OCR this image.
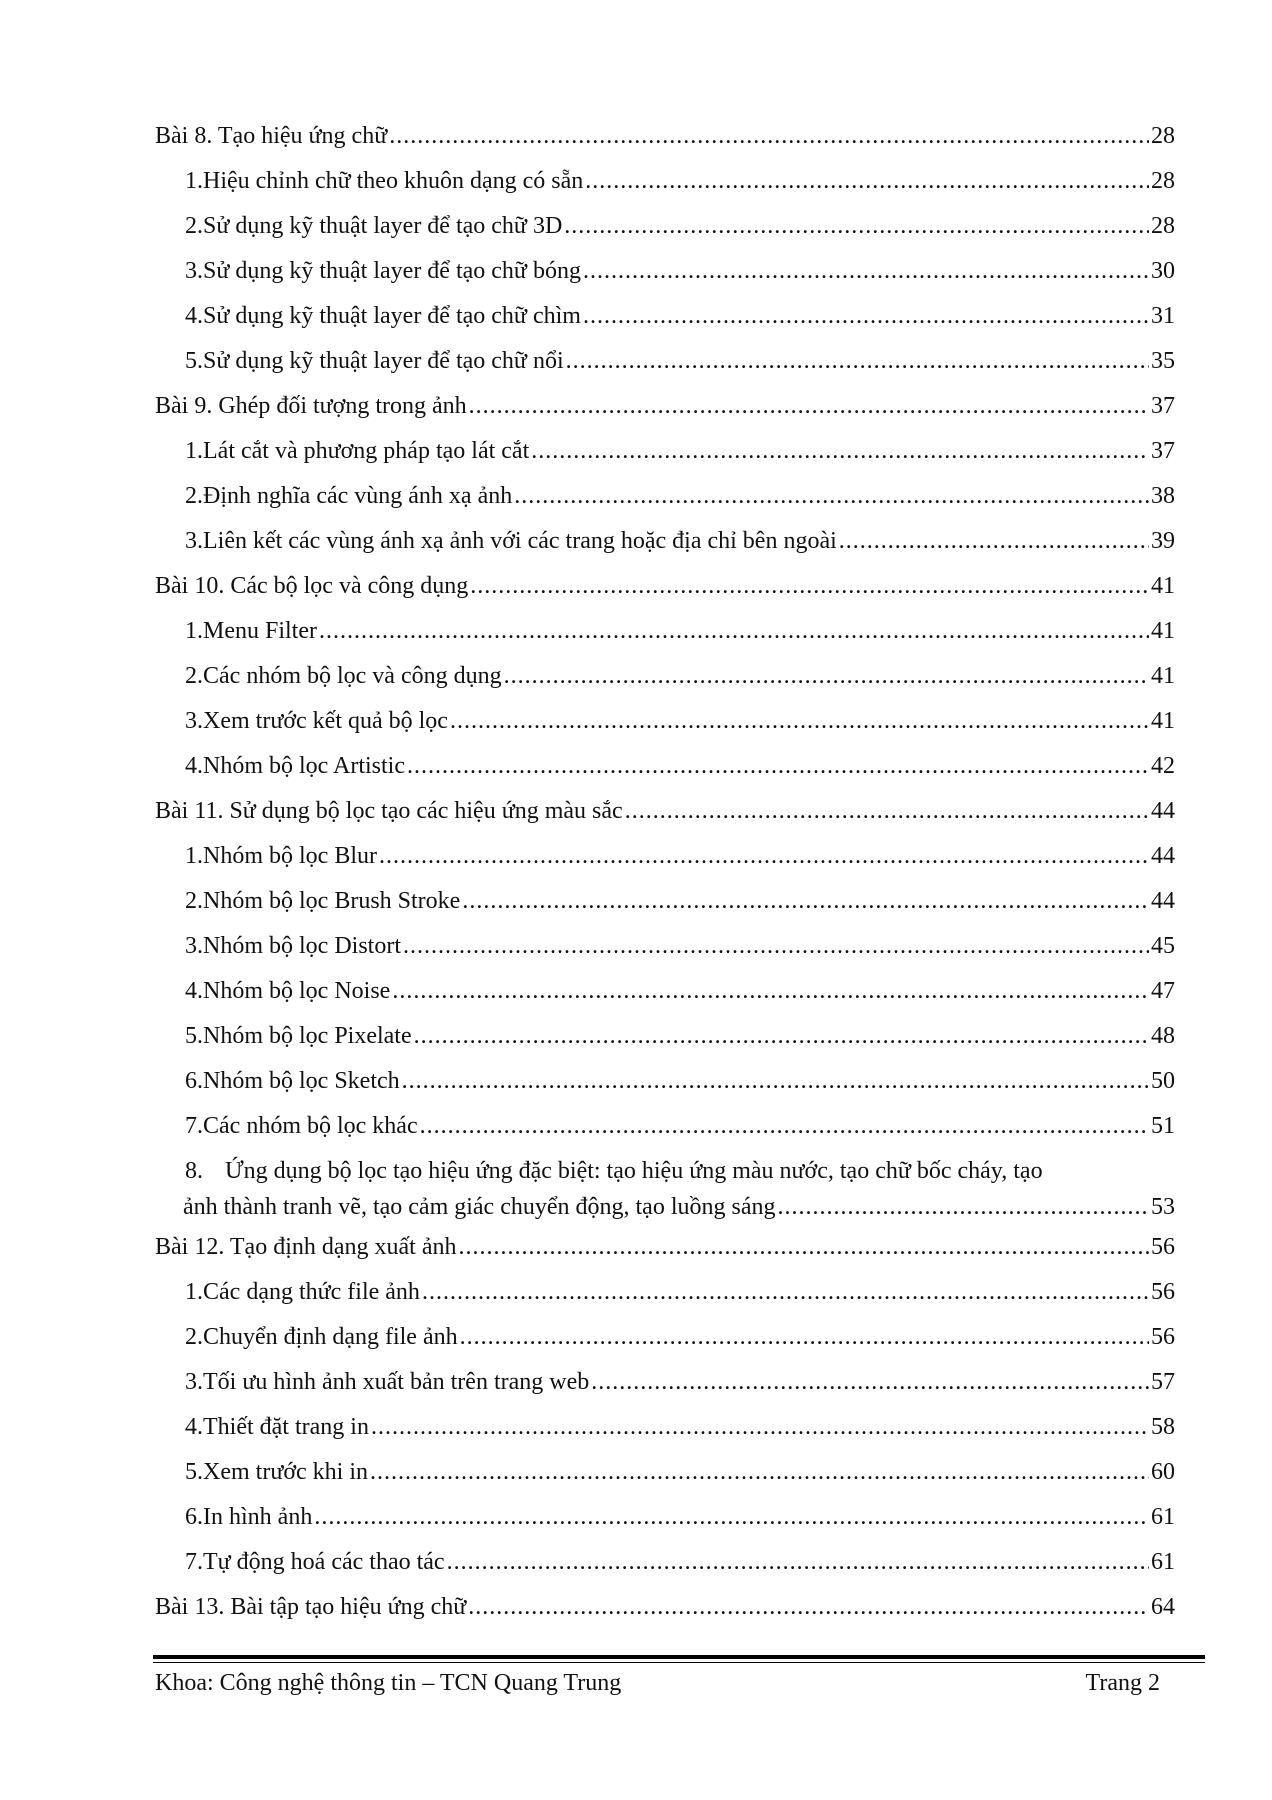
Bài 8. Tạo hiệu ứng chữ .....	28
1. Hiệu chỉnh chữ theo khuôn dạng có sẵn .....	28
2. Sử dụng kỹ thuật layer để tạo chữ 3D .....	28
3. Sử dụng kỹ thuật layer để tạo chữ bóng .....	30
4. Sử dụng kỹ thuật layer để tạo chữ chìm .....	31
5. Sử dụng kỹ thuật layer để tạo chữ nổi .....	35
Bài 9. Ghép đối tượng trong ảnh .....	37
1. Lát cắt và phương pháp tạo lát cắt .....	37
2. Định nghĩa các vùng ánh xạ ảnh .....	38
3. Liên kết các vùng ánh xạ ảnh với các trang hoặc địa chỉ bên ngoài .....	39
Bài 10. Các bộ lọc và công dụng .....	41
1. Menu Filter .....	41
2. Các nhóm bộ lọc và công dụng .....	41
3. Xem trước kết quả bộ lọc .....	41
4. Nhóm bộ lọc Artistic .....	42
Bài 11. Sử dụng bộ lọc tạo các hiệu ứng màu sắc .....	44
1. Nhóm bộ lọc Blur .....	44
2. Nhóm bộ lọc Brush Stroke .....	44
3. Nhóm bộ lọc Distort .....	45
4. Nhóm bộ lọc Noise .....	47
5. Nhóm bộ lọc Pixelate .....	48
6. Nhóm bộ lọc Sketch .....	50
7. Các nhóm bộ lọc khác .....	51
8. Ứng dụng bộ lọc tạo hiệu ứng đặc biệt: tạo hiệu ứng màu nước, tạo chữ bốc cháy, tạo
ảnh thành tranh vẽ, tạo cảm giác chuyển động, tạo luồng sáng .....	53
Bài 12. Tạo định dạng xuất ảnh .....	56
1. Các dạng thức file ảnh .....	56
2. Chuyển định dạng file ảnh .....	56
3. Tối ưu hình ảnh xuất bản trên trang web .....	57
4. Thiết đặt trang in .....	58
5. Xem trước khi in .....	60
6. In hình ảnh .....	61
7. Tự động hoá các thao tác .....	61
Bài 13. Bài tập tạo hiệu ứng chữ .....	64
Khoa: Công nghệ thông tin – TCN Quang Trung	Trang 2
